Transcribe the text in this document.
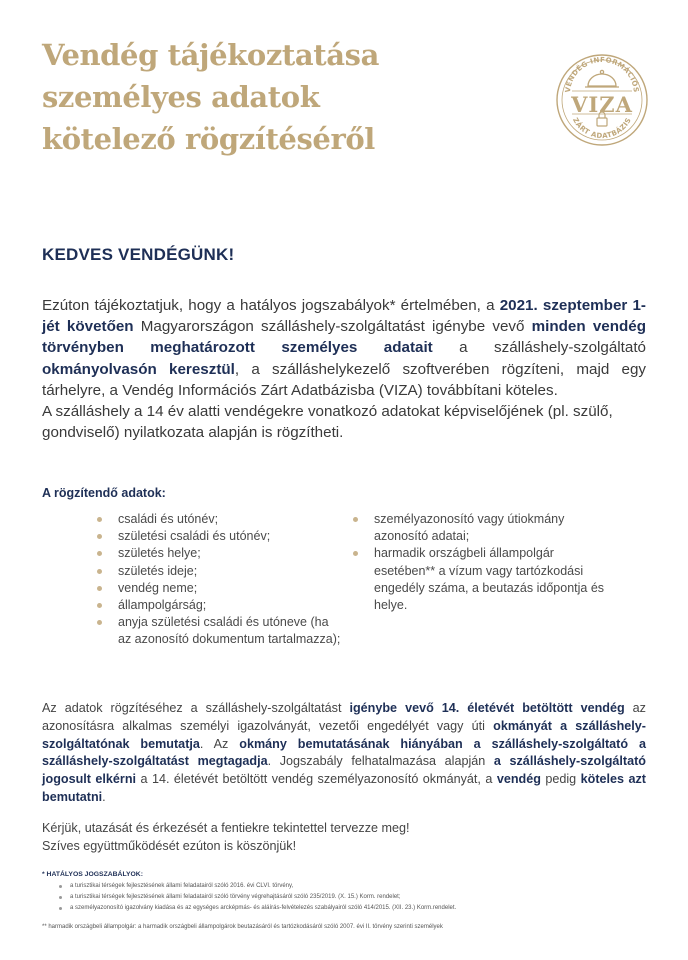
Vendég tájékoztatása
személyes adatok
kötelező rögzítéséről
VENDÉG INFORMÁCIÓS
ZÁRT ADATBÁZIS
VIZA
KEDVES VENDÉGÜNK!

Ezúton tájékoztatjuk, hogy a hatályos jogszabályok* értelmében, a 2021. szeptember 1-jét követően Magyarországon szálláshely-szolgáltatást igénybe vevő minden vendég törvényben meghatározott személyes adatait a szálláshely-szolgáltató okmányolvasón keresztül, a szálláshelykezelő szoftverében rögzíteni, majd egy tárhelyre, a Vendég Információs Zárt Adatbázisba (VIZA) továbbítani köteles.

A szálláshely a 14 év alatti vendégekre vonatkozó adatokat képviselőjének (pl. szülő, gondviselő) nyilatkozata alapján is rögzítheti.

A rögzítendő adatok:
családi és utónév;
születési családi és utónév;
születés helye;
születés ideje;
vendég neme;
állampolgárság;
anyja születési családi és utóneve (ha az azonosító dokumentum tartalmazza);
személyazonosító vagy útiokmány azonosító adatai;
harmadik országbeli állampolgár esetében** a vízum vagy tartózkodási engedély száma, a beutazás időpontja és helye.

Az adatok rögzítéséhez a szálláshely-szolgáltatást igénybe vevő 14. életévét betöltött vendég az azonosításra alkalmas személyi igazolványát, vezetői engedélyét vagy úti okmányát a szálláshely-szolgáltatónak bemutatja. Az okmány bemutatásának hiányában a szálláshely-szolgáltató a szálláshely-szolgáltatást megtagadja. Jogszabály felhatalmazása alapján a szálláshely-szolgáltató jogosult elkérni a 14. életévét betöltött vendég személyazonosító okmányát, a vendég pedig köteles azt bemutatni.

Kérjük, utazását és érkezését a fentiekre tekintettel tervezze meg!
Szíves együttműködését ezúton is köszönjük!
* HATÁLYOS JOGSZABÁLYOK:
a turisztikai térségek fejlesztésének állami feladatairól szóló 2016. évi CLVI. törvény,
a turisztikai térségek fejlesztésének állami feladatairól szóló törvény végrehajtásáról szóló 235/2019. (X. 15.) Korm. rendelet;
a személyazonosító igazolvány kiadása és az egységes arcképmás- és aláírás-felvételezés szabályairól szóló 414/2015. (XII. 23.) Korm.rendelet.
** harmadik országbeli állampolgár: a harmadik országbeli állampolgárok beutazásáról és tartózkodásáról szóló 2007. évi II. törvény szerinti személyek
